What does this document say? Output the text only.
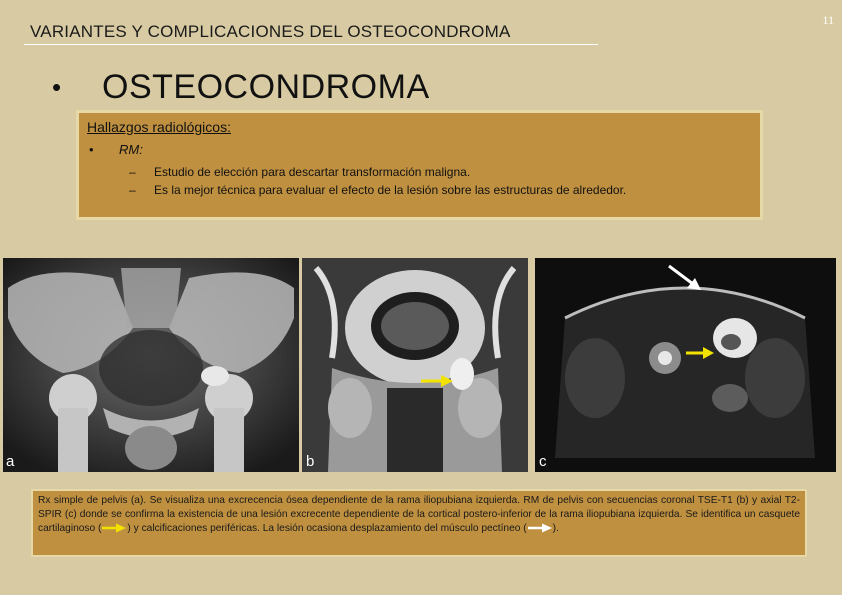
11
VARIANTES Y COMPLICACIONES DEL OSTEOCONDROMA
• OSTEOCONDROMA
Hallazgos radiológicos:
• RM:
– Estudio de elección para descartar transformación maligna.
– Es la mejor técnica para evaluar el efecto de la lesión sobre las estructuras de alrededor.
a	b	c
Rx simple de pelvis (a). Se visualiza una excrecencia ósea dependiente de la rama iliopubiana izquierda. RM de pelvis con secuencias coronal TSE-T1 (b) y axial T2-SPIR (c) donde se confirma la existencia de una lesión excrecente dependiente de la cortical postero-inferior de la rama iliopubiana izquierda. Se identifica un casquete cartilaginoso (	) y calcificaciones periféricas. La lesión ocasiona desplazamiento del músculo pectíneo (	).
